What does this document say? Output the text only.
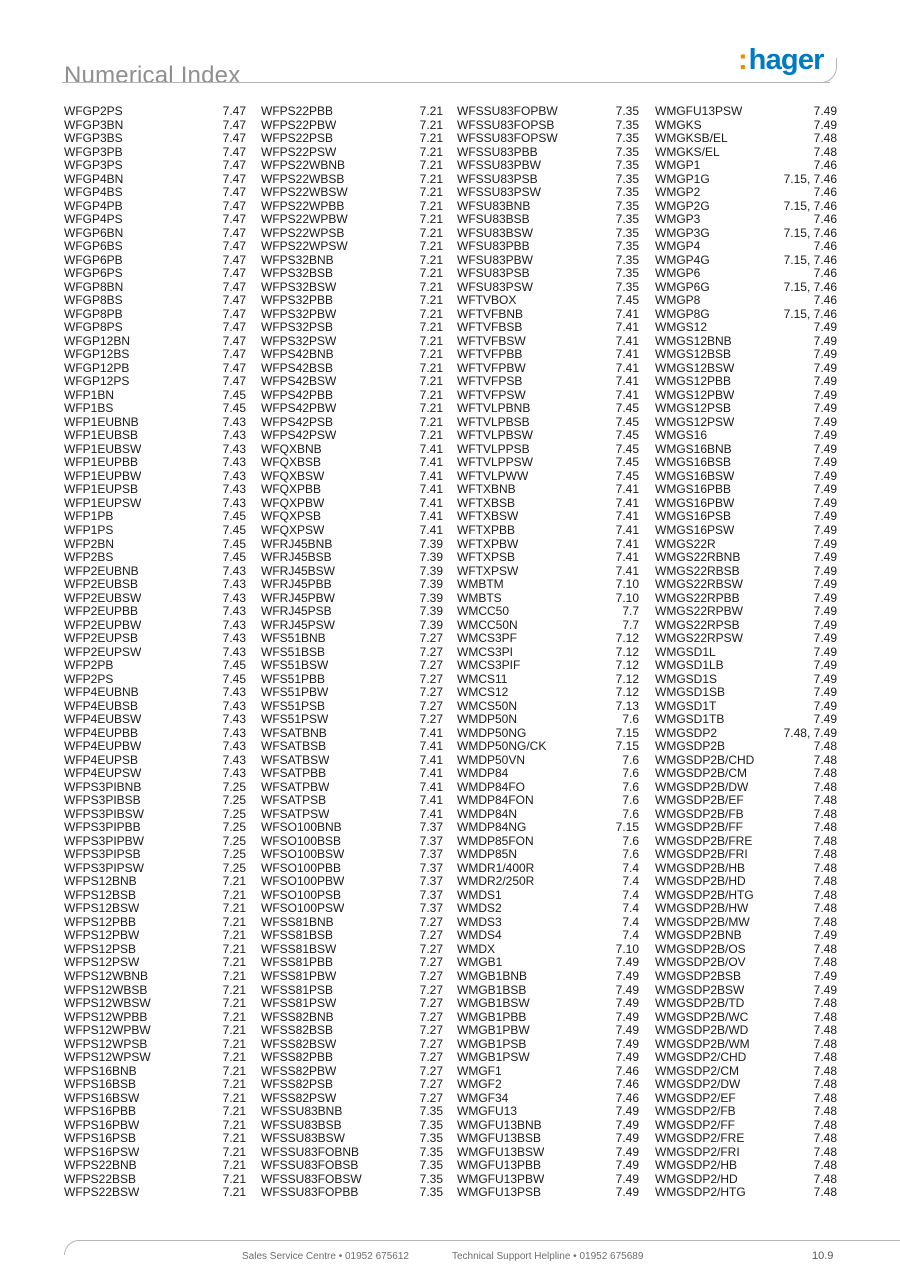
Numerical Index	:hager
WFGP2PS	7.47
WFGP3BN	7.47
WFGP3BS	7.47
WFGP3PB	7.47
WFGP3PS	7.47
WFGP4BN	7.47
WFGP4BS	7.47
WFGP4PB	7.47
WFGP4PS	7.47
WFGP6BN	7.47
WFGP6BS	7.47
WFGP6PB	7.47
WFGP6PS	7.47
WFGP8BN	7.47
WFGP8BS	7.47
WFGP8PB	7.47
WFGP8PS	7.47
WFGP12BN	7.47
WFGP12BS	7.47
WFGP12PB	7.47
WFGP12PS	7.47
WFP1BN	7.45
WFP1BS	7.45
WFP1EUBNB	7.43
WFP1EUBSB	7.43
WFP1EUBSW	7.43
WFP1EUPBB	7.43
WFP1EUPBW	7.43
WFP1EUPSB	7.43
WFP1EUPSW	7.43
WFP1PB	7.45
WFP1PS	7.45
WFP2BN	7.45
WFP2BS	7.45
WFP2EUBNB	7.43
WFP2EUBSB	7.43
WFP2EUBSW	7.43
WFP2EUPBB	7.43
WFP2EUPBW	7.43
WFP2EUPSB	7.43
WFP2EUPSW	7.43
WFP2PB	7.45
WFP2PS	7.45
WFP4EUBNB	7.43
WFP4EUBSB	7.43
WFP4EUBSW	7.43
WFP4EUPBB	7.43
WFP4EUPBW	7.43
WFP4EUPSB	7.43
WFP4EUPSW	7.43
WFPS3PIBNB	7.25
WFPS3PIBSB	7.25
WFPS3PIBSW	7.25
WFPS3PIPBB	7.25
WFPS3PIPBW	7.25
WFPS3PIPSB	7.25
WFPS3PIPSW	7.25
WFPS12BNB	7.21
WFPS12BSB	7.21
WFPS12BSW	7.21
WFPS12PBB	7.21
WFPS12PBW	7.21
WFPS12PSB	7.21
WFPS12PSW	7.21
WFPS12WBNB	7.21
WFPS12WBSB	7.21
WFPS12WBSW	7.21
WFPS12WPBB	7.21
WFPS12WPBW	7.21
WFPS12WPSB	7.21
WFPS12WPSW	7.21
WFPS16BNB	7.21
WFPS16BSB	7.21
WFPS16BSW	7.21
WFPS16PBB	7.21
WFPS16PBW	7.21
WFPS16PSB	7.21
WFPS16PSW	7.21
WFPS22BNB	7.21
WFPS22BSB	7.21
WFPS22BSW	7.21
WFPS22PBB	7.21
WFPS22PBW	7.21
WFPS22PSB	7.21
WFPS22PSW	7.21
WFPS22WBNB	7.21
WFPS22WBSB	7.21
WFPS22WBSW	7.21
WFPS22WPBB	7.21
WFPS22WPBW	7.21
WFPS22WPSB	7.21
WFPS22WPSW	7.21
WFPS32BNB	7.21
WFPS32BSB	7.21
WFPS32BSW	7.21
WFPS32PBB	7.21
WFPS32PBW	7.21
WFPS32PSB	7.21
WFPS32PSW	7.21
WFPS42BNB	7.21
WFPS42BSB	7.21
WFPS42BSW	7.21
WFPS42PBB	7.21
WFPS42PBW	7.21
WFPS42PSB	7.21
WFPS42PSW	7.21
WFQXBNB	7.41
WFQXBSB	7.41
WFQXBSW	7.41
WFQXPBB	7.41
WFQXPBW	7.41
WFQXPSB	7.41
WFQXPSW	7.41
WFRJ45BNB	7.39
WFRJ45BSB	7.39
WFRJ45BSW	7.39
WFRJ45PBB	7.39
WFRJ45PBW	7.39
WFRJ45PSB	7.39
WFRJ45PSW	7.39
WFS51BNB	7.27
WFS51BSB	7.27
WFS51BSW	7.27
WFS51PBB	7.27
WFS51PBW	7.27
WFS51PSB	7.27
WFS51PSW	7.27
WFSATBNB	7.41
WFSATBSB	7.41
WFSATBSW	7.41
WFSATPBB	7.41
WFSATPBW	7.41
WFSATPSB	7.41
WFSATPSW	7.41
WFSO100BNB	7.37
WFSO100BSB	7.37
WFSO100BSW	7.37
WFSO100PBB	7.37
WFSO100PBW	7.37
WFSO100PSB	7.37
WFSO100PSW	7.37
WFSS81BNB	7.27
WFSS81BSB	7.27
WFSS81BSW	7.27
WFSS81PBB	7.27
WFSS81PBW	7.27
WFSS81PSB	7.27
WFSS81PSW	7.27
WFSS82BNB	7.27
WFSS82BSB	7.27
WFSS82BSW	7.27
WFSS82PBB	7.27
WFSS82PBW	7.27
WFSS82PSB	7.27
WFSS82PSW	7.27
WFSSU83BNB	7.35
WFSSU83BSB	7.35
WFSSU83BSW	7.35
WFSSU83FOBNB	7.35
WFSSU83FOBSB	7.35
WFSSU83FOBSW	7.35
WFSSU83FOPBB	7.35
WFSSU83FOPBW	7.35
WFSSU83FOPSB	7.35
WFSSU83FOPSW	7.35
WFSSU83PBB	7.35
WFSSU83PBW	7.35
WFSSU83PSB	7.35
WFSSU83PSW	7.35
WFSU83BNB	7.35
WFSU83BSB	7.35
WFSU83BSW	7.35
WFSU83PBB	7.35
WFSU83PBW	7.35
WFSU83PSB	7.35
WFSU83PSW	7.35
WFTVBOX	7.45
WFTVFBNB	7.41
WFTVFBSB	7.41
WFTVFBSW	7.41
WFTVFPBB	7.41
WFTVFPBW	7.41
WFTVFPSB	7.41
WFTVFPSW	7.41
WFTVLPBNB	7.45
WFTVLPBSB	7.45
WFTVLPBSW	7.45
WFTVLPPSB	7.45
WFTVLPPSW	7.45
WFTVLPWW	7.45
WFTXBNB	7.41
WFTXBSB	7.41
WFTXBSW	7.41
WFTXPBB	7.41
WFTXPBW	7.41
WFTXPSB	7.41
WFTXPSW	7.41
WMBTM	7.10
WMBTS	7.10
WMCC50	7.7
WMCC50N	7.7
WMCS3PF	7.12
WMCS3PI	7.12
WMCS3PIF	7.12
WMCS11	7.12
WMCS12	7.12
WMCS50N	7.13
WMDP50N	7.6
WMDP50NG	7.15
WMDP50NG/CK	7.15
WMDP50VN	7.6
WMDP84	7.6
WMDP84FO	7.6
WMDP84FON	7.6
WMDP84N	7.6
WMDP84NG	7.15
WMDP85FON	7.6
WMDP85N	7.6
WMDR1/400R	7.4
WMDR2/250R	7.4
WMDS1	7.4
WMDS2	7.4
WMDS3	7.4
WMDS4	7.4
WMDX	7.10
WMGB1	7.49
WMGB1BNB	7.49
WMGB1BSB	7.49
WMGB1BSW	7.49
WMGB1PBB	7.49
WMGB1PBW	7.49
WMGB1PSB	7.49
WMGB1PSW	7.49
WMGF1	7.46
WMGF2	7.46
WMGF34	7.46
WMGFU13	7.49
WMGFU13BNB	7.49
WMGFU13BSB	7.49
WMGFU13BSW	7.49
WMGFU13PBB	7.49
WMGFU13PBW	7.49
WMGFU13PSB	7.49
WMGFU13PSW	7.49
WMGKS	7.49
WMGKSB/EL	7.48
WMGKS/EL	7.48
WMGP1	7.46
WMGP1G	7.15, 7.46
WMGP2	7.46
WMGP2G	7.15, 7.46
WMGP3	7.46
WMGP3G	7.15, 7.46
WMGP4	7.46
WMGP4G	7.15, 7.46
WMGP6	7.46
WMGP6G	7.15, 7.46
WMGP8	7.46
WMGP8G	7.15, 7.46
WMGS12	7.49
WMGS12BNB	7.49
WMGS12BSB	7.49
WMGS12BSW	7.49
WMGS12PBB	7.49
WMGS12PBW	7.49
WMGS12PSB	7.49
WMGS12PSW	7.49
WMGS16	7.49
WMGS16BNB	7.49
WMGS16BSB	7.49
WMGS16BSW	7.49
WMGS16PBB	7.49
WMGS16PBW	7.49
WMGS16PSB	7.49
WMGS16PSW	7.49
WMGS22R	7.49
WMGS22RBNB	7.49
WMGS22RBSB	7.49
WMGS22RBSW	7.49
WMGS22RPBB	7.49
WMGS22RPBW	7.49
WMGS22RPSB	7.49
WMGS22RPSW	7.49
WMGSD1L	7.49
WMGSD1LB	7.49
WMGSD1S	7.49
WMGSD1SB	7.49
WMGSD1T	7.49
WMGSD1TB	7.49
WMGSDP2	7.48, 7.49
WMGSDP2B	7.48
WMGSDP2B/CHD	7.48
WMGSDP2B/CM	7.48
WMGSDP2B/DW	7.48
WMGSDP2B/EF	7.48
WMGSDP2B/FB	7.48
WMGSDP2B/FF	7.48
WMGSDP2B/FRE	7.48
WMGSDP2B/FRI	7.48
WMGSDP2B/HB	7.48
WMGSDP2B/HD	7.48
WMGSDP2B/HTG	7.48
WMGSDP2B/HW	7.48
WMGSDP2B/MW	7.48
WMGSDP2BNB	7.49
WMGSDP2B/OS	7.48
WMGSDP2B/OV	7.48
WMGSDP2BSB	7.49
WMGSDP2BSW	7.49
WMGSDP2B/TD	7.48
WMGSDP2B/WC	7.48
WMGSDP2B/WD	7.48
WMGSDP2B/WM	7.48
WMGSDP2/CHD	7.48
WMGSDP2/CM	7.48
WMGSDP2/DW	7.48
WMGSDP2/EF	7.48
WMGSDP2/FB	7.48
WMGSDP2/FF	7.48
WMGSDP2/FRE	7.48
WMGSDP2/FRI	7.48
WMGSDP2/HB	7.48
WMGSDP2/HD	7.48
WMGSDP2/HTG	7.48
Sales Service Centre • 01952 675612	Technical Support Helpline • 01952 675689	10.9
